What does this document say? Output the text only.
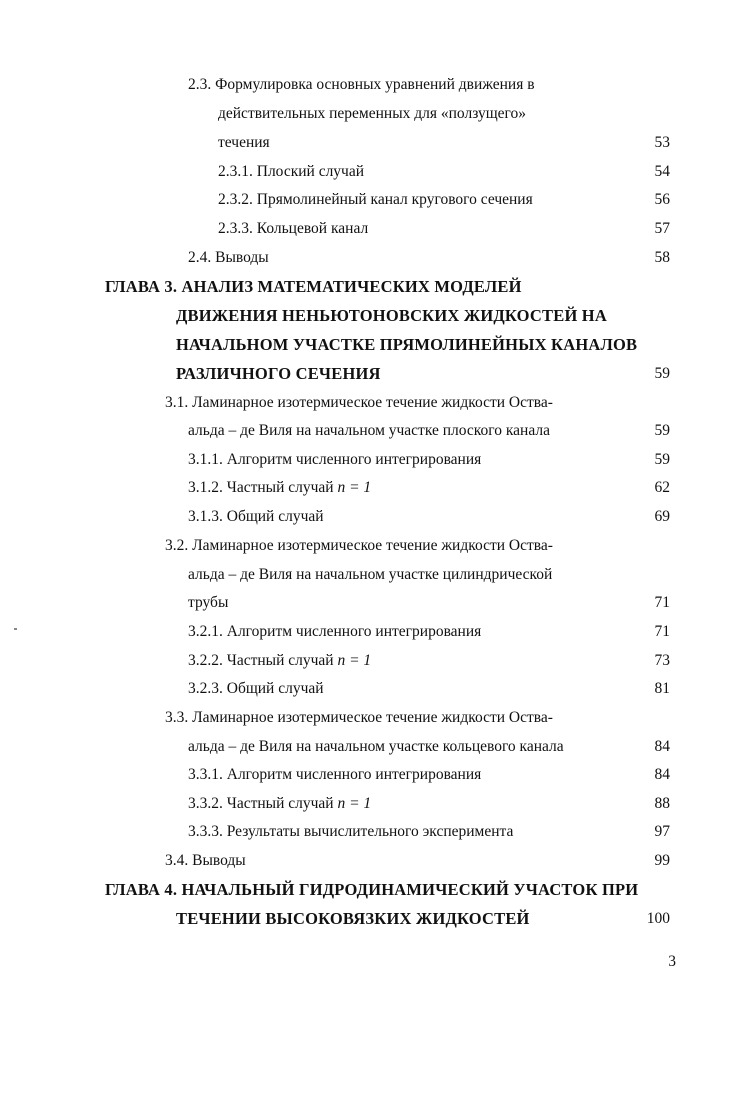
2.3. Формулировка основных уравнений движения в
действительных переменных для «ползущего»
течения	53
2.3.1. Плоский случай	54
2.3.2. Прямолинейный канал кругового сечения	56
2.3.3. Кольцевой канал	57
2.4. Выводы	58
ГЛАВА 3. АНАЛИЗ МАТЕМАТИЧЕСКИХ МОДЕЛЕЙ
ДВИЖЕНИЯ НЕНЬЮТОНОВСКИХ ЖИДКОСТЕЙ НА
НАЧАЛЬНОМ УЧАСТКЕ ПРЯМОЛИНЕЙНЫХ КАНАЛОВ
РАЗЛИЧНОГО СЕЧЕНИЯ	59
3.1. Ламинарное изотермическое течение жидкости Оства-
альда – де Виля на начальном участке плоского канала	59
3.1.1. Алгоритм численного интегрирования	59
3.1.2. Частный случай n = 1	62
3.1.3. Общий случай	69
3.2. Ламинарное изотермическое течение жидкости Оства-
альда – де Виля на начальном участке цилиндрической
трубы	71
3.2.1. Алгоритм численного интегрирования	71
3.2.2. Частный случай n = 1	73
3.2.3. Общий случай	81
3.3. Ламинарное изотермическое течение жидкости Оства-
альда – де Виля на начальном участке кольцевого канала	84
3.3.1. Алгоритм численного интегрирования	84
3.3.2. Частный случай n = 1	88
3.3.3. Результаты вычислительного эксперимента	97
3.4. Выводы	99
ГЛАВА 4. НАЧАЛЬНЫЙ ГИДРОДИНАМИЧЕСКИЙ УЧАСТОК ПРИ
ТЕЧЕНИИ ВЫСОКОВЯЗКИХ ЖИДКОСТЕЙ	100
3
